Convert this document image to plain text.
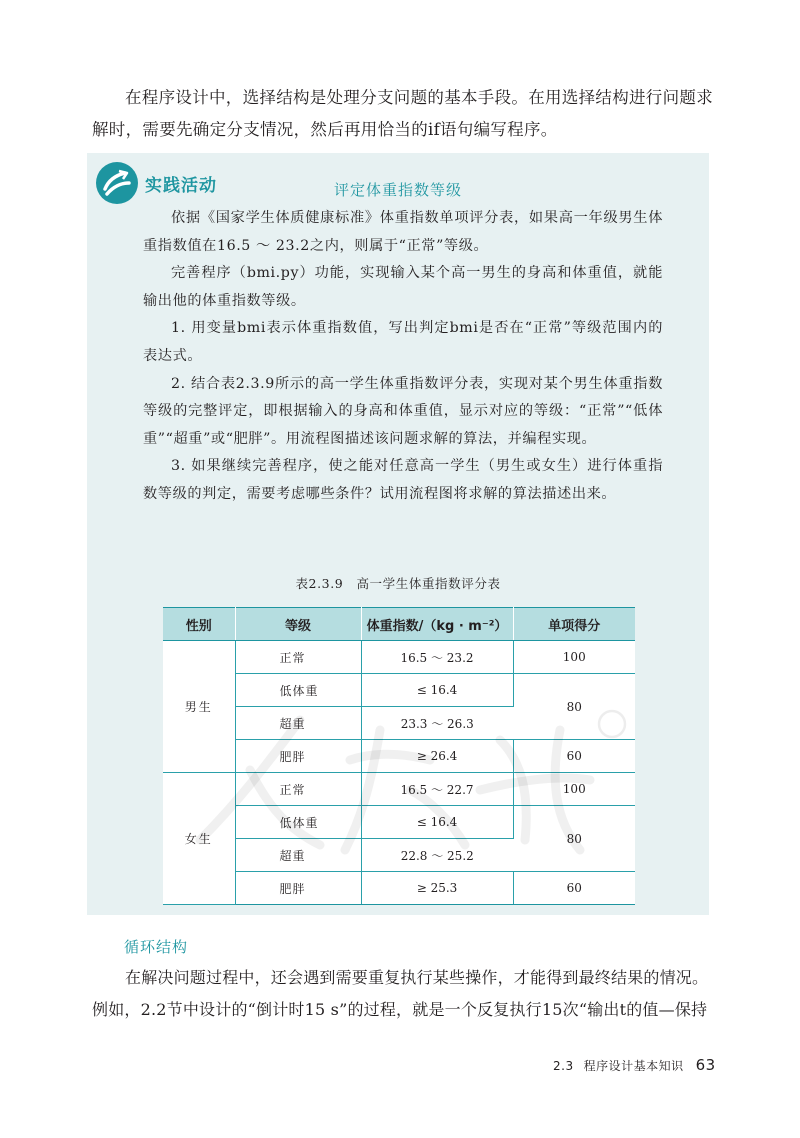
在程序设计中，选择结构是处理分支问题的基本手段。在用选择结构进行问题求解时，需要先确定分支情况，然后再用恰当的if语句编写程序。

实践活动	评定体重指数等级

依据《国家学生体质健康标准》体重指数单项评分表，如果高一年级男生体重指数值在16.5 ～ 23.2之内，则属于“正常”等级。

完善程序（bmi.py）功能，实现输入某个高一男生的身高和体重值，就能输出他的体重指数等级。

1. 用变量bmi表示体重指数值，写出判定bmi是否在“正常”等级范围内的表达式。

2. 结合表2.3.9所示的高一学生体重指数评分表，实现对某个男生体重指数等级的完整评定，即根据输入的身高和体重值，显示对应的等级：“正常”“低体重”“超重”或“肥胖”。用流程图描述该问题求解的算法，并编程实现。

3. 如果继续完善程序，使之能对任意高一学生（男生或女生）进行体重指数等级的判定，需要考虑哪些条件？试用流程图将求解的算法描述出来。

表2.3.9　高一学生体重指数评分表
性别	等级	体重指数/（kg · m⁻²）	单项得分
男生	正常	16.5 ～ 23.2	100
	低体重	≤ 16.4	80
	超重	23.3 ～ 26.3	
	肥胖	≥ 26.4	60
女生	正常	16.5 ～ 22.7	100
	低体重	≤ 16.4	80
	超重	22.8 ～ 25.2	
	肥胖	≥ 25.3	60
循环结构

在解决问题过程中，还会遇到需要重复执行某些操作，才能得到最终结果的情况。例如，2.2节中设计的“倒计时15 s”的过程，就是一个反复执行15次“输出t的值—保持

2.3 程序设计基本知识 63
